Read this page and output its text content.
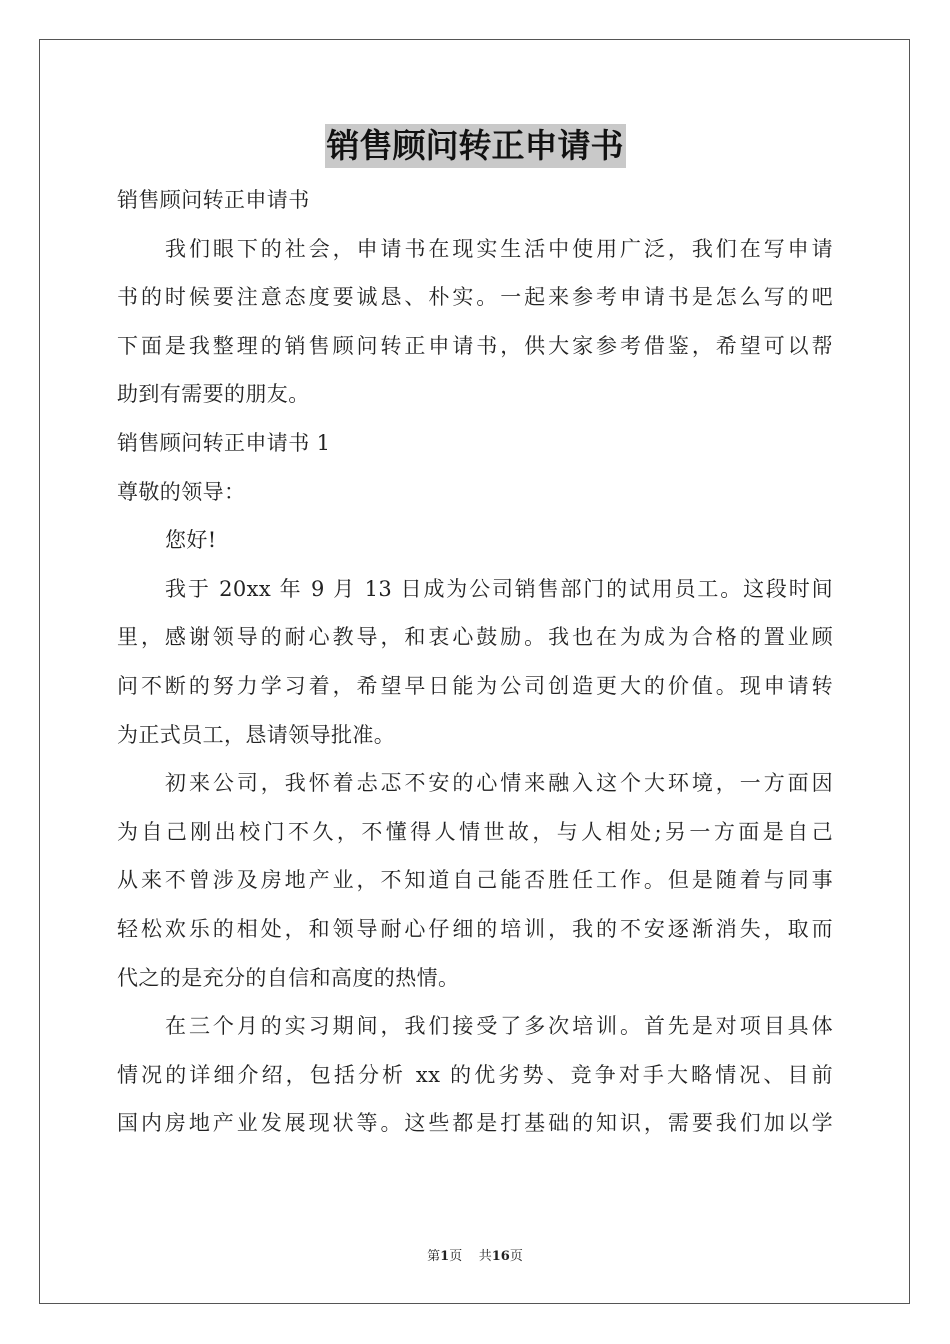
销售顾问转正申请书
销售顾问转正申请书
我们眼下的社会，申请书在现实生活中使用广泛，我们在写申请
书的时候要注意态度要诚恳、朴实。一起来参考申请书是怎么写的吧
下面是我整理的销售顾问转正申请书，供大家参考借鉴，希望可以帮
助到有需要的朋友。
销售顾问转正申请书 1
尊敬的领导：
您好!
我于 20xx 年 9 月 13 日成为公司销售部门的试用员工。这段时间
里，感谢领导的耐心教导，和衷心鼓励。我也在为成为合格的置业顾
问不断的努力学习着，希望早日能为公司创造更大的价值。现申请转
为正式员工，恳请领导批准。
初来公司，我怀着忐忑不安的心情来融入这个大环境，一方面因
为自己刚出校门不久，不懂得人情世故，与人相处;另一方面是自己
从来不曾涉及房地产业，不知道自己能否胜任工作。但是随着与同事
轻松欢乐的相处，和领导耐心仔细的培训，我的不安逐渐消失，取而
代之的是充分的自信和高度的热情。
在三个月的实习期间，我们接受了多次培训。首先是对项目具体
情况的详细介绍，包括分析 xx 的优劣势、竞争对手大略情况、目前
国内房地产业发展现状等。这些都是打基础的知识，需要我们加以学
第1页 共16页
